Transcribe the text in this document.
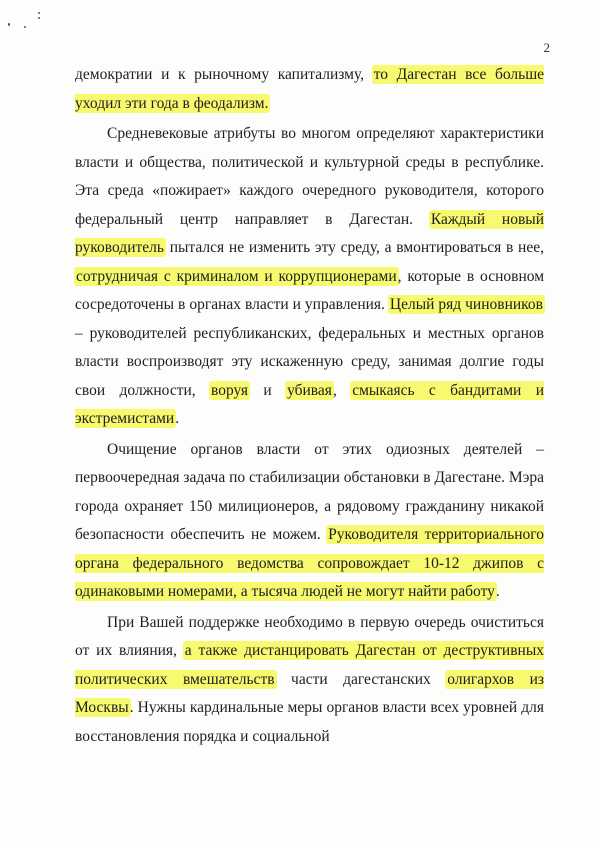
2

демократии и к рыночному капитализму, то Дагестан все больше уходил эти года в феодализм.

Средневековые атрибуты во многом определяют характеристики власти и общества, политической и культурной среды в республике. Эта среда «пожирает» каждого очередного руководителя, которого федеральный центр направляет в Дагестан. Каждый новый руководитель пытался не изменить эту среду, а вмонтироваться в нее, сотрудничая с криминалом и коррупционерами, которые в основном сосредоточены в органах власти и управления. Целый ряд чиновников – руководителей республиканских, федеральных и местных органов власти воспроизводят эту искаженную среду, занимая долгие годы свои должности, воруя и убивая, смыкаясь с бандитами и экстремистами.

Очищение органов власти от этих одиозных деятелей – первоочередная задача по стабилизации обстановки в Дагестане. Мэра города охраняет 150 милиционеров, а рядовому гражданину никакой безопасности обеспечить не можем. Руководителя территориального органа федерального ведомства сопровождает 10-12 джипов с одинаковыми номерами, а тысяча людей не могут найти работу.

При Вашей поддержке необходимо в первую очередь очиститься от их влияния, а также дистанцировать Дагестан от деструктивных политических вмешательств части дагестанских олигархов из Москвы. Нужны кардинальные меры органов власти всех уровней для восстановления порядка и социальной
